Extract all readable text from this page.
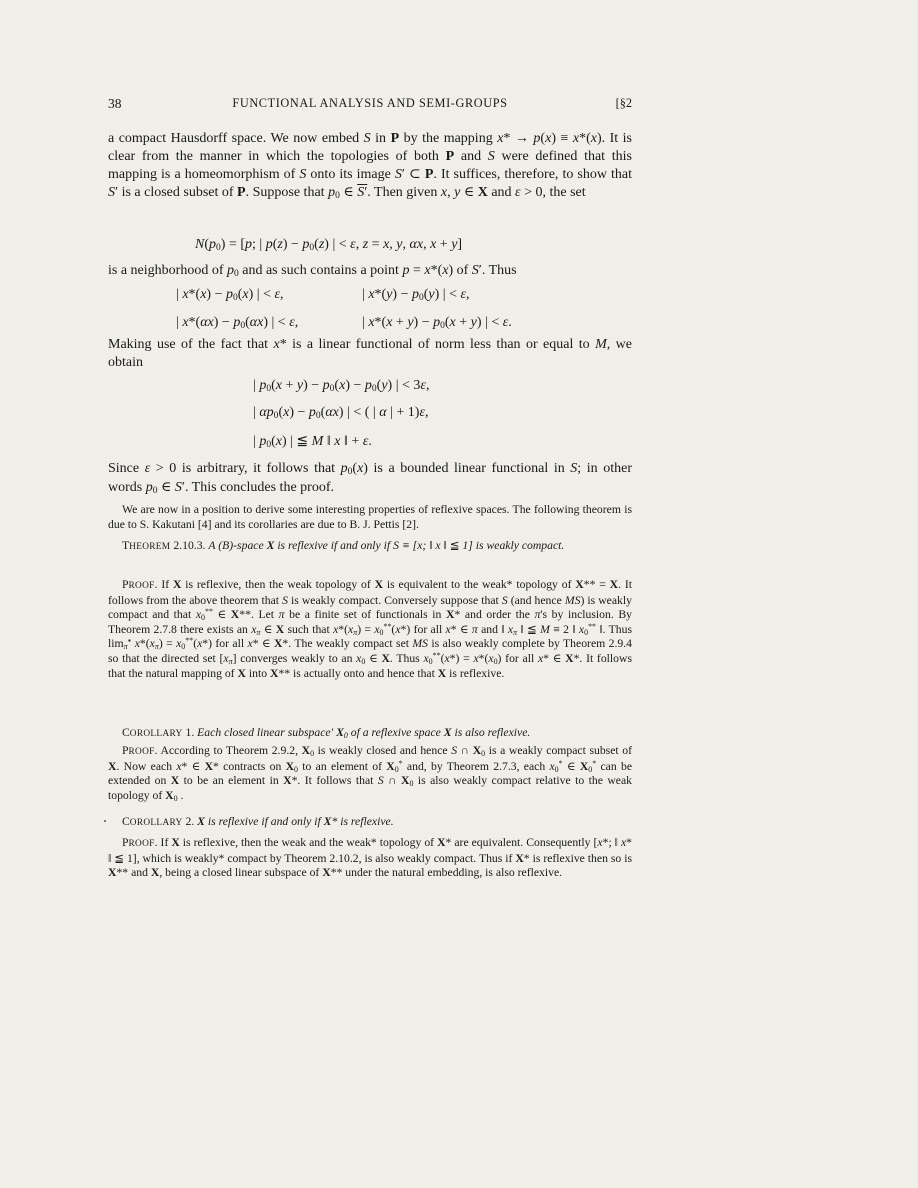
38	FUNCTIONAL ANALYSIS AND SEMI-GROUPS	[§2
a compact Hausdorff space. We now embed S in P by the mapping x* → p(x) ≡ x*(x). It is clear from the manner in which the topologies of both P and S were defined that this mapping is a homeomorphism of S onto its image S′ ⊂ P. It suffices, therefore, to show that S′ is a closed subset of P. Suppose that $p_0$ ∈ S′. Then given x, y ∈ X and ε > 0, the set
$N(p_0) = [p$; | $p(z) - p_0(z)$ | < ε, z = x, y, αx, x + y]
is a neighborhood of $p_0$ and as such contains a point p = x*(x) of S′. Thus
| $x*(x) - p_0(x)$ | < ε,	| $x*(y) - p_0(y)$ | < ε,
| $x*(\alpha x) - p_0(\alpha x)$ | < ε,	| $x*(x + y) - p_0(x + y)$ | < ε.
Making use of the fact that x* is a linear functional of norm less than or equal to M, we obtain
| $p_0(x + y) - p_0(x) - p_0(y)$ | < 3ε,
| $\alpha p_0(x) - p_0(\alpha x)$ | < ( | α | + 1)ε,
| $p_0(x)$ | ≦ M ‖ x ‖ + ε.
Since ε > 0 is arbitrary, it follows that $p_0(x)$ is a bounded linear functional in S; in other words $p_0$ ∈ S′. This concludes the proof.
We are now in a position to derive some interesting properties of reflexive spaces. The following theorem is due to S. Kakutani [4] and its corollaries are due to B. J. Pettis [2].
THEOREM 2.10.3. A (B)-space X is reflexive if and only if S ≡ [x; ‖ x ‖ ≦ 1] is weakly compact.
PROOF. If X is reflexive, then the weak topology of X is equivalent to the weak* topology of X** = X. It follows from the above theorem that S is weakly compact. Conversely suppose that S (and hence MS) is weakly compact and that $x_0^{**}$ ∈ X**. Let π be a finite set of functionals in X* and order the π's by inclusion. By Theorem 2.7.8 there exists an $x_\pi$ ∈ X such that $x*(x_\pi) = x_0^{**}(x*)$ for all x* ∈ π and ‖ $x_\pi$ ‖ ≦ M ≡ 2 ‖ $x_0^{**}$ ‖. Thus $\lim_\pi^▪ x*(x_\pi) = x_0^{**}(x*)$ for all x* ∈ X*. The weakly compact set MS is also weakly complete by Theorem 2.9.4 so that the directed set $[x_\pi]$ converges weakly to an $x_0$ ∈ X. Thus $x_0^{**}(x*) = x*(x_0)$ for all x* ∈ X*. It follows that the natural mapping of X into X** is actually onto and hence that X is reflexive.
COROLLARY 1. Each closed linear subspace′ $X_0$ of a reflexive space X is also reflexive.
PROOF. According to Theorem 2.9.2, $X_0$ is weakly closed and hence S ∩ $X_0$ is a weakly compact subset of X. Now each x* ∈ X* contracts on $X_0$ to an element of $X_0^*$ and, by Theorem 2.7.3, each $x_0^*$ ∈ $X_0^*$ can be extended on X to be an element in X*. It follows that S ∩ $X_0$ is also weakly compact relative to the weak topology of $X_0$ .
COROLLARY 2. X is reflexive if and only if X* is reflexive.
PROOF. If X is reflexive, then the weak and the weak* topology of X* are equivalent. Consequently [x*; ‖ x* ‖ ≦ 1], which is weakly* compact by Theorem 2.10.2, is also weakly compact. Thus if X* is reflexive then so is X** and X, being a closed linear subspace of X** under the natural embedding, is also reflexive.
